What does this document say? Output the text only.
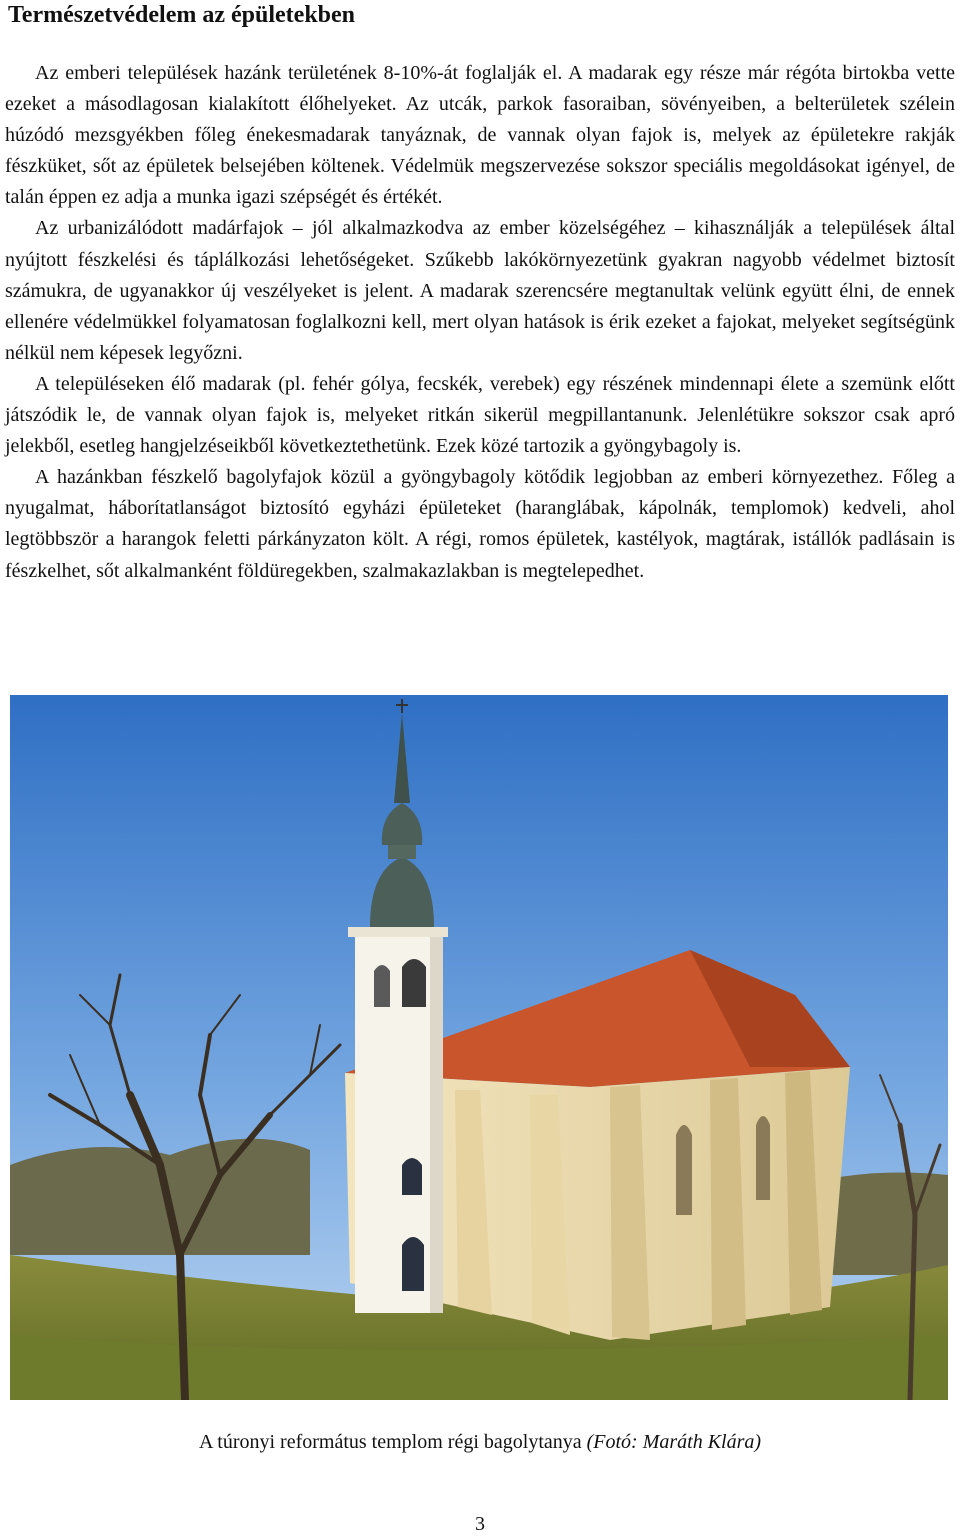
Természetvédelem az épületekben

Az emberi települések hazánk területének 8-10%-át foglalják el. A madarak egy része már régóta birtokba vette ezeket a másodlagosan kialakított élőhelyeket. Az utcák, parkok fasoraiban, sövényeiben, a belterületek szélein húzódó mezsgyékben főleg énekesmadarak tanyáznak, de vannak olyan fajok is, melyek az épületekre rakják fészküket, sőt az épületek belsejében költenek. Védelmük megszervezése sokszor speciális megoldásokat igényel, de talán éppen ez adja a munka igazi szépségét és értékét.

Az urbanizálódott madárfajok – jól alkalmazkodva az ember közelségéhez – kihasználják a települések által nyújtott fészkelési és táplálkozási lehetőségeket. Szűkebb lakókörnyezetünk gyakran nagyobb védelmet biztosít számukra, de ugyanakkor új veszélyeket is jelent. A madarak szerencsére megtanultak velünk együtt élni, de ennek ellenére védelmükkel folyamatosan foglalkozni kell, mert olyan hatások is érik ezeket a fajokat, melyeket segítségünk nélkül nem képesek legyőzni.

A településeken élő madarak (pl. fehér gólya, fecskék, verebek) egy részének mindennapi élete a szemünk előtt játszódik le, de vannak olyan fajok is, melyeket ritkán sikerül megpillantanunk. Jelenlétükre sokszor csak apró jelekből, esetleg hangjelzéseikből következtethetünk. Ezek közé tartozik a gyöngybagoly is.

A hazánkban fészkelő bagolyfajok közül a gyöngybagoly kötődik legjobban az emberi környezethez. Főleg a nyugalmat, háborítatlanságot biztosító egyházi épületeket (haranglábak, kápolnák, templomok) kedveli, ahol legtöbbször a harangok feletti párkányzaton költ. A régi, romos épületek, kastélyok, magtárak, istállók padlásain is fészkelhet, sőt alkalmanként földüregekben, szalmakazlakban is megtelepedhet.

A túronyi református templom régi bagolytanya (Fotó: Maráth Klára)
3
